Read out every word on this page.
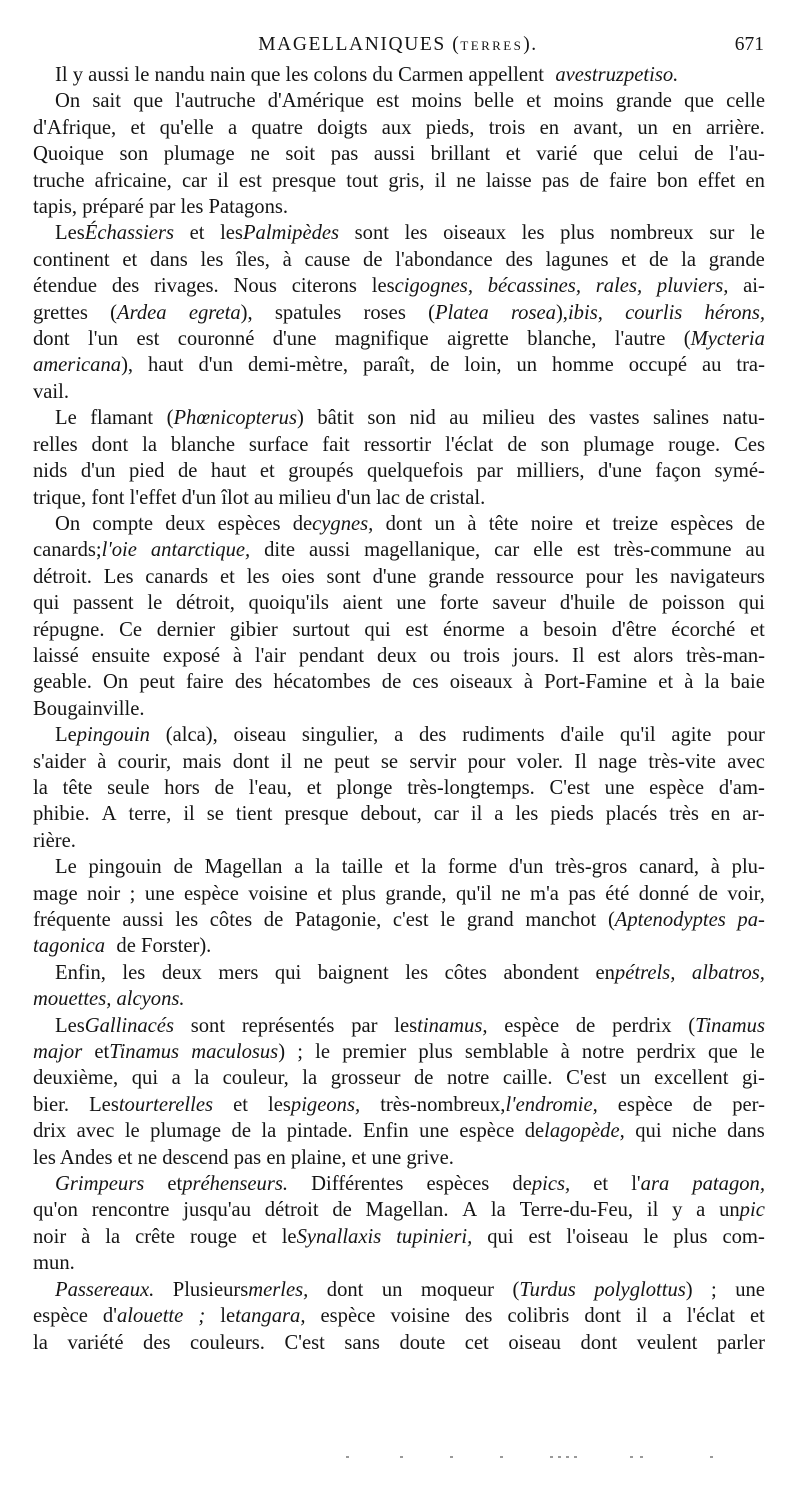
MAGELLANIQUES (TERRES).	671
Il y aussi le nandu nain que les colons du Carmen appellent avestruzpetiso.
On sait que l'autruche d'Amérique est moins belle et moins grande que celle
d'Afrique, et qu'elle a quatre doigts aux pieds, trois en avant, un en arrière.
Quoique son plumage ne soit pas aussi brillant et varié que celui de l'au-
truche africaine, car il est presque tout gris, il ne laisse pas de faire bon effet en
tapis, préparé par les Patagons.
LesÉchassiers et lesPalmipèdes sont les oiseaux les plus nombreux sur le
continent et dans les îles, à cause de l'abondance des lagunes et de la grande
étendue des rivages. Nous citerons lescigognes, bécassines, rales, pluviers, ai-
grettes (Ardea egreta), spatules roses (Platea rosea),ibis, courlis hérons,
dont l'un est couronné d'une magnifique aigrette blanche, l'autre (Mycteria
americana), haut d'un demi-mètre, paraît, de loin, un homme occupé au tra-
vail.
Le flamant (Phœnicopterus) bâtit son nid au milieu des vastes salines natu-
relles dont la blanche surface fait ressortir l'éclat de son plumage rouge. Ces
nids d'un pied de haut et groupés quelquefois par milliers, d'une façon symé-
trique, font l'effet d'un îlot au milieu d'un lac de cristal.
On compte deux espèces decygnes, dont un à tête noire et treize espèces de
canards;l'oie antarctique, dite aussi magellanique, car elle est très-commune au
détroit. Les canards et les oies sont d'une grande ressource pour les navigateurs
qui passent le détroit, quoiqu'ils aient une forte saveur d'huile de poisson qui
répugne. Ce dernier gibier surtout qui est énorme a besoin d'être écorché et
laissé ensuite exposé à l'air pendant deux ou trois jours. Il est alors très-man-
geable. On peut faire des hécatombes de ces oiseaux à Port-Famine et à la baie
Bougainville.
Lepingouin (alca), oiseau singulier, a des rudiments d'aile qu'il agite pour
s'aider à courir, mais dont il ne peut se servir pour voler. Il nage très-vite avec
la tête seule hors de l'eau, et plonge très-longtemps. C'est une espèce d'am-
phibie. A terre, il se tient presque debout, car il a les pieds placés très en ar-
rière.
Le pingouin de Magellan a la taille et la forme d'un très-gros canard, à plu-
mage noir ; une espèce voisine et plus grande, qu'il ne m'a pas été donné de voir,
fréquente aussi les côtes de Patagonie, c'est le grand manchot (Aptenodyptes pa-
tagonica de Forster).
Enfin, les deux mers qui baignent les côtes abondent enpétrels, albatros,
mouettes, alcyons.
LesGallinacés sont représentés par lestinamus, espèce de perdrix (Tinamus
major etTinamus maculosus) ; le premier plus semblable à notre perdrix que le
deuxième, qui a la couleur, la grosseur de notre caille. C'est un excellent gi-
bier. Lestourterelles et lespigeons, très-nombreux,l'endromie, espèce de per-
drix avec le plumage de la pintade. Enfin une espèce delagopède, qui niche dans
les Andes et ne descend pas en plaine, et une grive.
Grimpeurs etpréhenseurs. Différentes espèces depics, et l'ara patagon,
qu'on rencontre jusqu'au détroit de Magellan. A la Terre-du-Feu, il y a unpic
noir à la crête rouge et leSynallaxis tupinieri, qui est l'oiseau le plus com-
mun.
Passereaux. Plusieursmerles, dont un moqueur (Turdus polyglottus) ; une
espèce d'alouette ; letangara, espèce voisine des colibris dont il a l'éclat et
la variété des couleurs. C'est sans doute cet oiseau dont veulent parler
